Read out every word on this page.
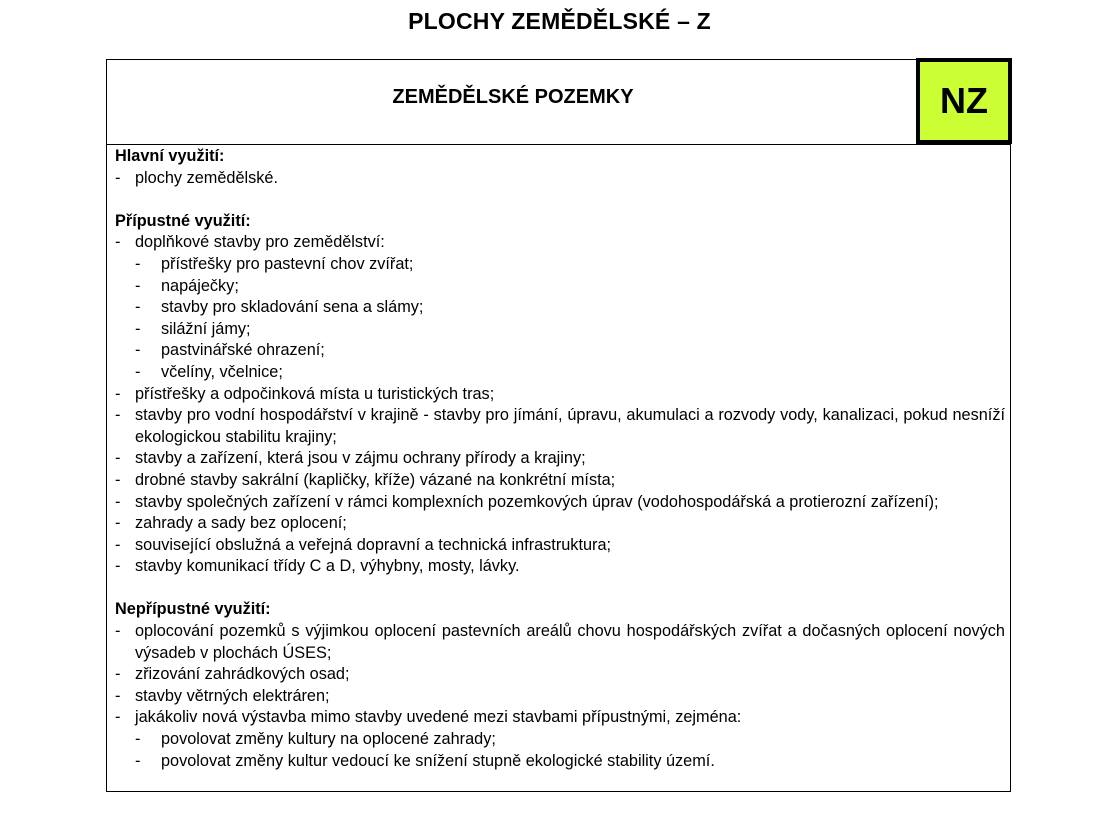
PLOCHY ZEMĚDĚLSKÉ – Z
ZEMĚDĚLSKÉ POZEMKY	NZ
Hlavní využití:
- plochy zemědělské.
Přípustné využití:
- doplňkové stavby pro zemědělství:
- přístřešky pro pastevní chov zvířat;
- napáječky;
- stavby pro skladování sena a slámy;
- silážní jámy;
- pastvinářské ohrazení;
- včelíny, včelnice;
- přístřešky a odpočinková místa u turistických tras;
- stavby pro vodní hospodářství v krajině - stavby pro jímání, úpravu, akumulaci a rozvody vody, kanalizaci, pokud nesníží ekologickou stabilitu krajiny;
- stavby a zařízení, která jsou v zájmu ochrany přírody a krajiny;
- drobné stavby sakrální (kapličky, kříže) vázané na konkrétní místa;
- stavby společných zařízení v rámci komplexních pozemkových úprav (vodohospodářská a protierozní zařízení);
- zahrady a sady bez oplocení;
- související obslužná a veřejná dopravní a technická infrastruktura;
- stavby komunikací třídy C a D, výhybny, mosty, lávky.
Nepřípustné využití:
- oplocování pozemků s výjimkou oplocení pastevních areálů chovu hospodářských zvířat a dočasných oplocení nových výsadeb v plochách ÚSES;
- zřizování zahrádkových osad;
- stavby větrných elektráren;
- jakákoliv nová výstavba mimo stavby uvedené mezi stavbami přípustnými, zejména:
- povolovat změny kultury na oplocené zahrady;
- povolovat změny kultur vedoucí ke snížení stupně ekologické stability území.
